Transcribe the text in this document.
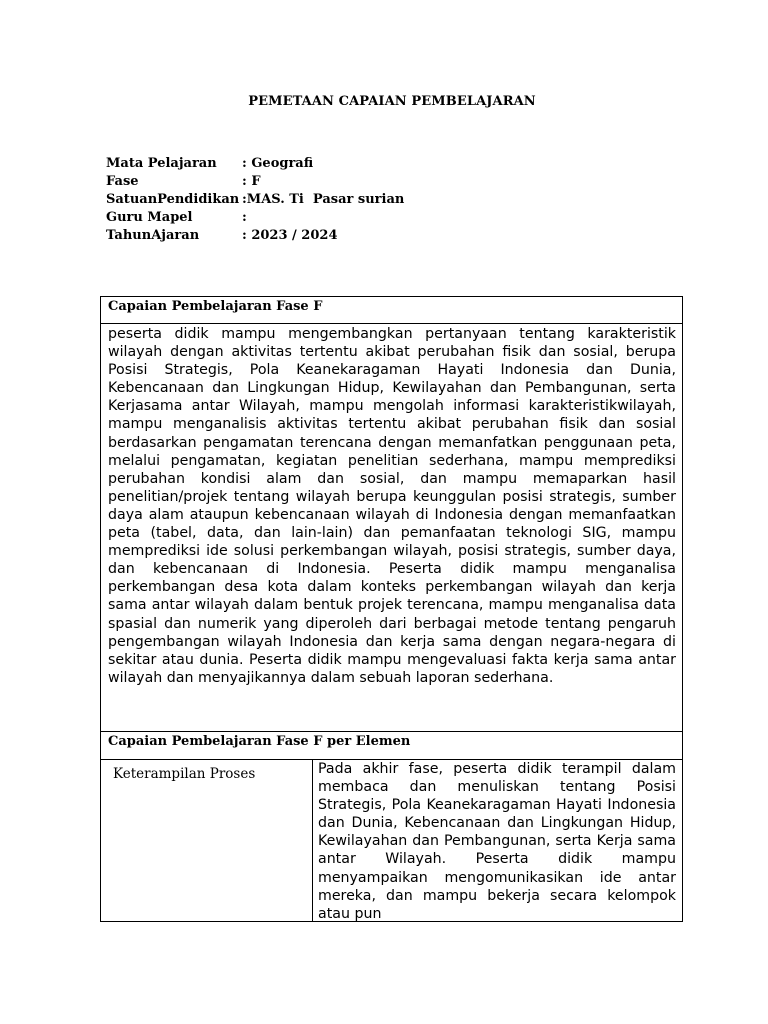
PEMETAAN CAPAIAN PEMBELAJARAN
Mata Pelajaran	: Geografi
Fase	: F
SatuanPendidikan :MAS. Ti  Pasar surian
Guru Mapel	:
TahunAjaran	: 2023 / 2024
Capaian Pembelajaran Fase F
peserta didik mampu mengembangkan pertanyaan tentang karakteristik wilayah dengan aktivitas tertentu akibat perubahan fisik dan sosial, berupa Posisi Strategis, Pola Keanekaragaman Hayati Indonesia dan Dunia, Kebencanaan dan Lingkungan Hidup, Kewilayahan dan Pembangunan, serta Kerjasama antar Wilayah, mampu mengolah informasi karakteristikwilayah, mampu menganalisis aktivitas tertentu akibat perubahan fisik dan sosial berdasarkan pengamatan terencana dengan memanfatkan penggunaan peta, melalui pengamatan, kegiatan penelitian sederhana, mampu memprediksi perubahan kondisi alam dan sosial, dan mampu memaparkan hasil penelitian/projek tentang wilayah berupa keunggulan posisi strategis, sumber daya alam ataupun kebencanaan wilayah di Indonesia dengan memanfaatkan peta (tabel, data, dan lain-lain) dan pemanfaatan teknologi SIG, mampu memprediksi ide solusi perkembangan wilayah, posisi strategis, sumber daya, dan kebencanaan di Indonesia. Peserta didik mampu menganalisa perkembangan desa kota dalam konteks perkembangan wilayah dan kerja sama antar wilayah dalam bentuk projek terencana, mampu menganalisa data spasial dan numerik yang diperoleh dari berbagai metode tentang pengaruh pengembangan wilayah Indonesia dan kerja sama dengan negara-negara di sekitar atau dunia. Peserta didik mampu mengevaluasi fakta kerja sama antar wilayah dan menyajikannya dalam sebuah laporan sederhana.
Capaian Pembelajaran Fase F per Elemen
Keterampilan Proses	Pada akhir fase, peserta didik terampil dalam membaca dan menuliskan tentang Posisi Strategis, Pola Keanekaragaman Hayati Indonesia dan Dunia, Kebencanaan dan Lingkungan Hidup, Kewilayahan dan Pembangunan, serta Kerja sama antar Wilayah. Peserta didik mampu menyampaikan mengomunikasikan ide antar mereka, dan mampu bekerja secara kelompok atau pun
